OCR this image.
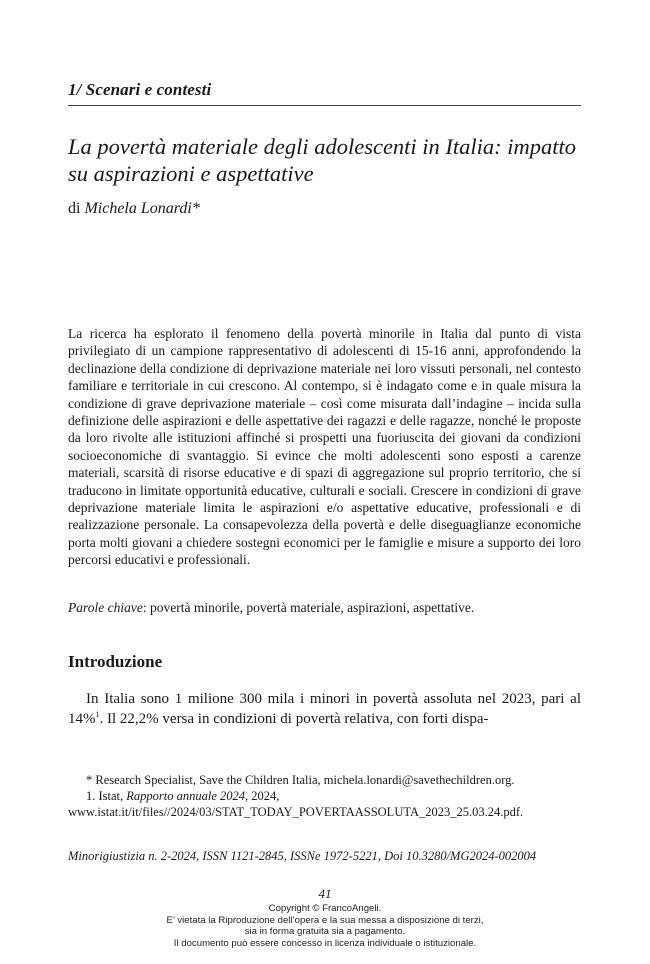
1/ Scenari e contesti
La povertà materiale degli adolescenti in Italia: impatto su aspirazioni e aspettative
di Michela Lonardi*
La ricerca ha esplorato il fenomeno della povertà minorile in Italia dal punto di vista privilegiato di un campione rappresentativo di adolescenti di 15-16 anni, approfondendo la declinazione della condizione di deprivazione materiale nei loro vissuti personali, nel contesto familiare e territoriale in cui crescono. Al contempo, si è indagato come e in quale misura la condizione di grave deprivazione materiale – così come misurata dall’indagine – incida sulla definizione delle aspirazioni e delle aspettative dei ragazzi e delle ragazze, nonché le proposte da loro rivolte alle istituzioni affinché si prospetti una fuoriuscita dei giovani da condizioni socioeconomiche di svantaggio. Si evince che molti adolescenti sono esposti a carenze materiali, scarsità di risorse educative e di spazi di aggregazione sul proprio territorio, che si traducono in limitate opportunità educative, culturali e sociali. Crescere in condizioni di grave deprivazione materiale limita le aspirazioni e/o aspettative educative, professionali e di realizzazione personale. La consapevolezza della povertà e delle diseguaglianze economiche porta molti giovani a chiedere sostegni economici per le famiglie e misure a supporto dei loro percorsi educativi e professionali.
Parole chiave: povertà minorile, povertà materiale, aspirazioni, aspettative.
Introduzione
In Italia sono 1 milione 300 mila i minori in povertà assoluta nel 2023, pari al 14%$^1$. Il 22,2% versa in condizioni di povertà relativa, con forti dispa-
* Research Specialist, Save the Children Italia, michela.lonardi@savethechildren.org.
1. Istat, Rapporto annuale 2024, 2024, www.istat.it/it/files//2024/03/STAT_TODAY_POVERTAASSOLUTA_2023_25.03.24.pdf.
Minorigiustizia n. 2-2024, ISSN 1121-2845, ISSNe 1972-5221, Doi 10.3280/MG2024-002004
41
Copyright © FrancoAngeli.
E’ vietata la Riproduzione dell’opera e la sua messa a disposizione di terzi,
sia in forma gratuita sia a pagamento.
Il documento può essere concesso in licenza individuale o istituzionale.
